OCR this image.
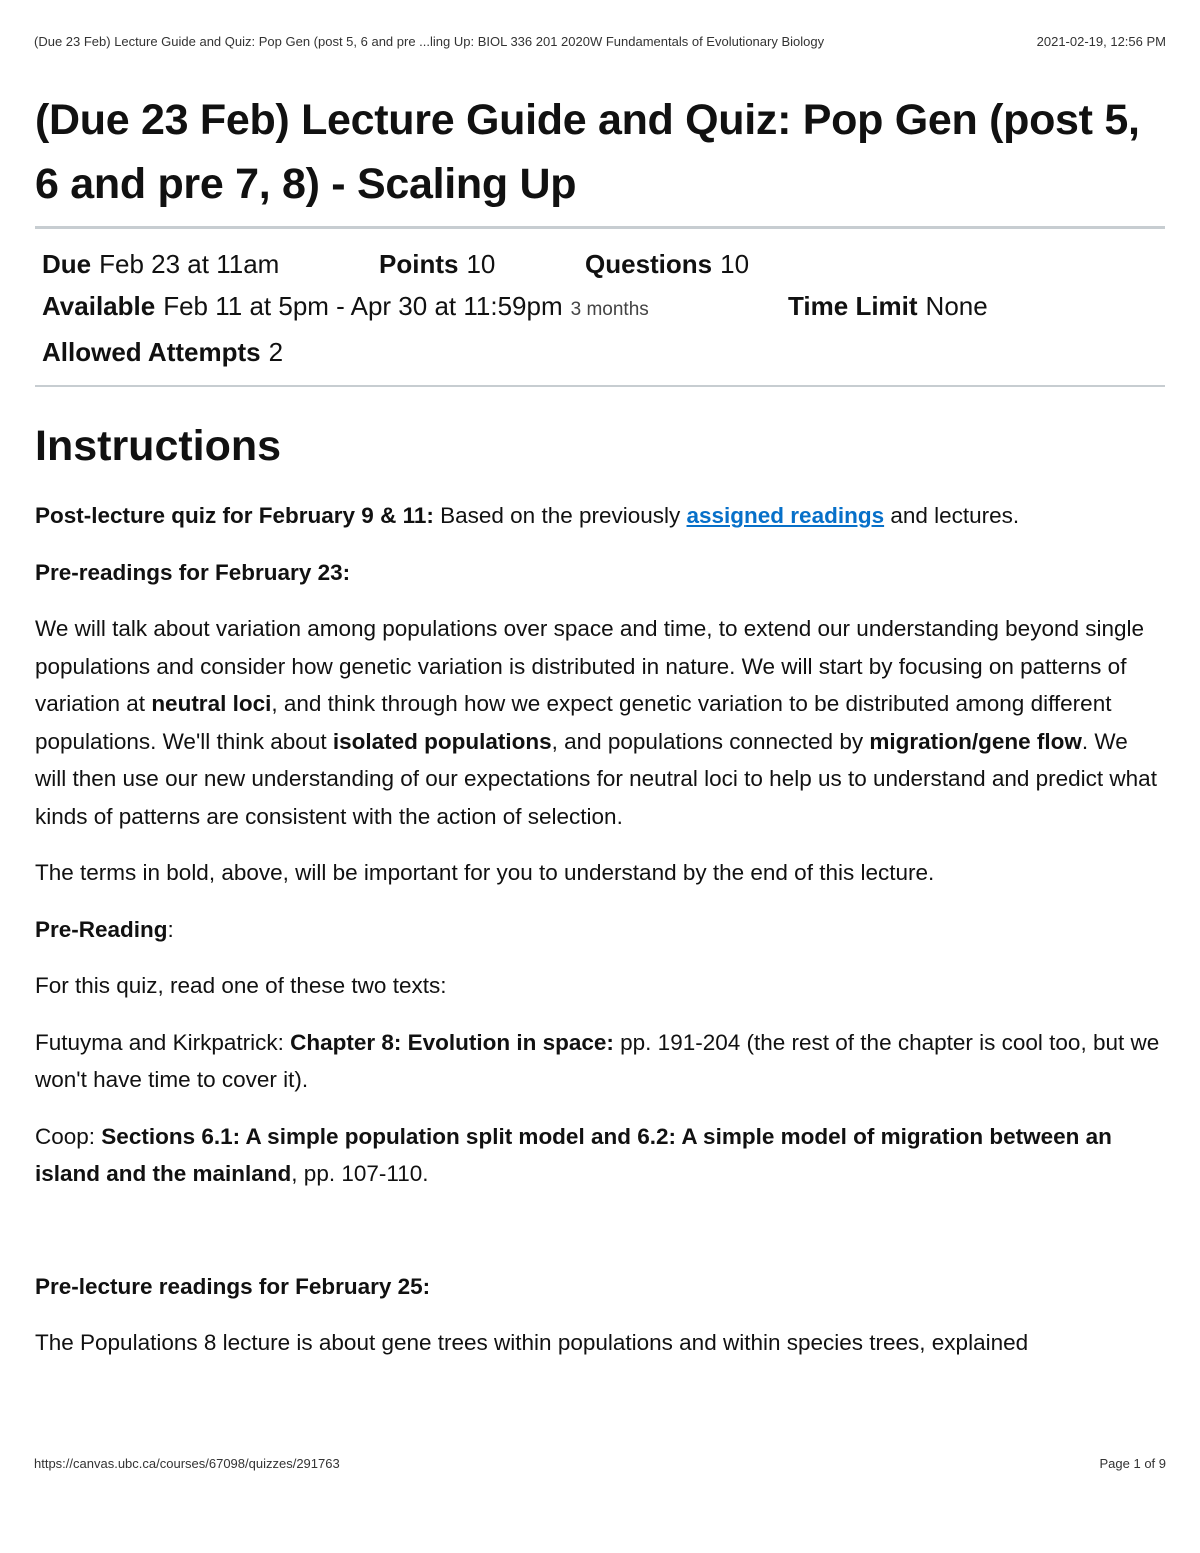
(Due 23 Feb) Lecture Guide and Quiz: Pop Gen (post 5, 6 and pre ...ling Up: BIOL 336 201 2020W Fundamentals of Evolutionary Biology	2021-02-19, 12:56 PM
(Due 23 Feb) Lecture Guide and Quiz: Pop Gen (post 5, 6 and pre 7, 8) - Scaling Up
Due Feb 23 at 11am	Points 10	Questions 10
Available Feb 11 at 5pm - Apr 30 at 11:59pm 3 months	Time Limit None
Allowed Attempts 2
Instructions

Post-lecture quiz for February 9 & 11: Based on the previously assigned readings and lectures.

Pre-readings for February 23:

We will talk about variation among populations over space and time, to extend our understanding beyond single populations and consider how genetic variation is distributed in nature. We will start by focusing on patterns of variation at neutral loci, and think through how we expect genetic variation to be distributed among different populations. We'll think about isolated populations, and populations connected by migration/gene flow. We will then use our new understanding of our expectations for neutral loci to help us to understand and predict what kinds of patterns are consistent with the action of selection.

The terms in bold, above, will be important for you to understand by the end of this lecture.

Pre-Reading:

For this quiz, read one of these two texts:

Futuyma and Kirkpatrick: Chapter 8: Evolution in space: pp. 191-204 (the rest of the chapter is cool too, but we won't have time to cover it).

Coop: Sections 6.1: A simple population split model and 6.2: A simple model of migration between an island and the mainland, pp. 107-110.

Pre-lecture readings for February 25:

The Populations 8 lecture is about gene trees within populations and within species trees, explained

https://canvas.ubc.ca/courses/67098/quizzes/291763	Page 1 of 9
